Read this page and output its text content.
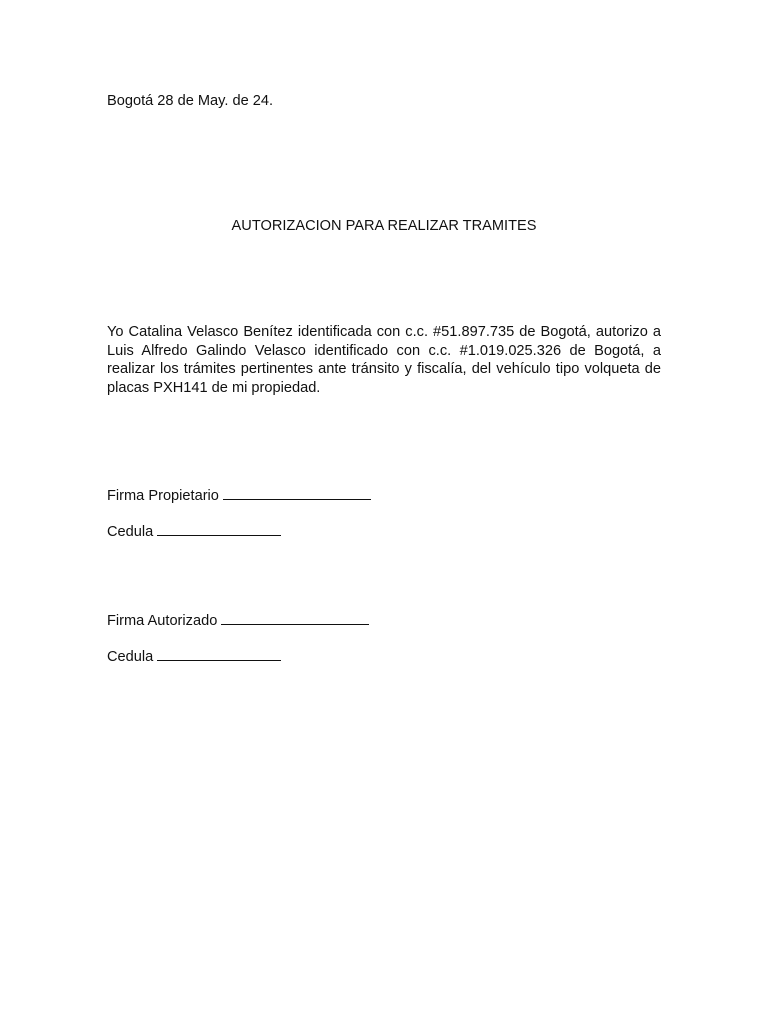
Bogotá 28 de May. de 24.
AUTORIZACION PARA REALIZAR TRAMITES
Yo Catalina Velasco Benítez identificada con c.c. #51.897.735 de Bogotá, autorizo a Luis Alfredo Galindo Velasco identificado con c.c. #1.019.025.326 de Bogotá, a realizar los trámites pertinentes ante tránsito y fiscalía, del vehículo tipo volqueta de placas PXH141 de mi propiedad.
Firma Propietario
Cedula
Firma Autorizado
Cedula
